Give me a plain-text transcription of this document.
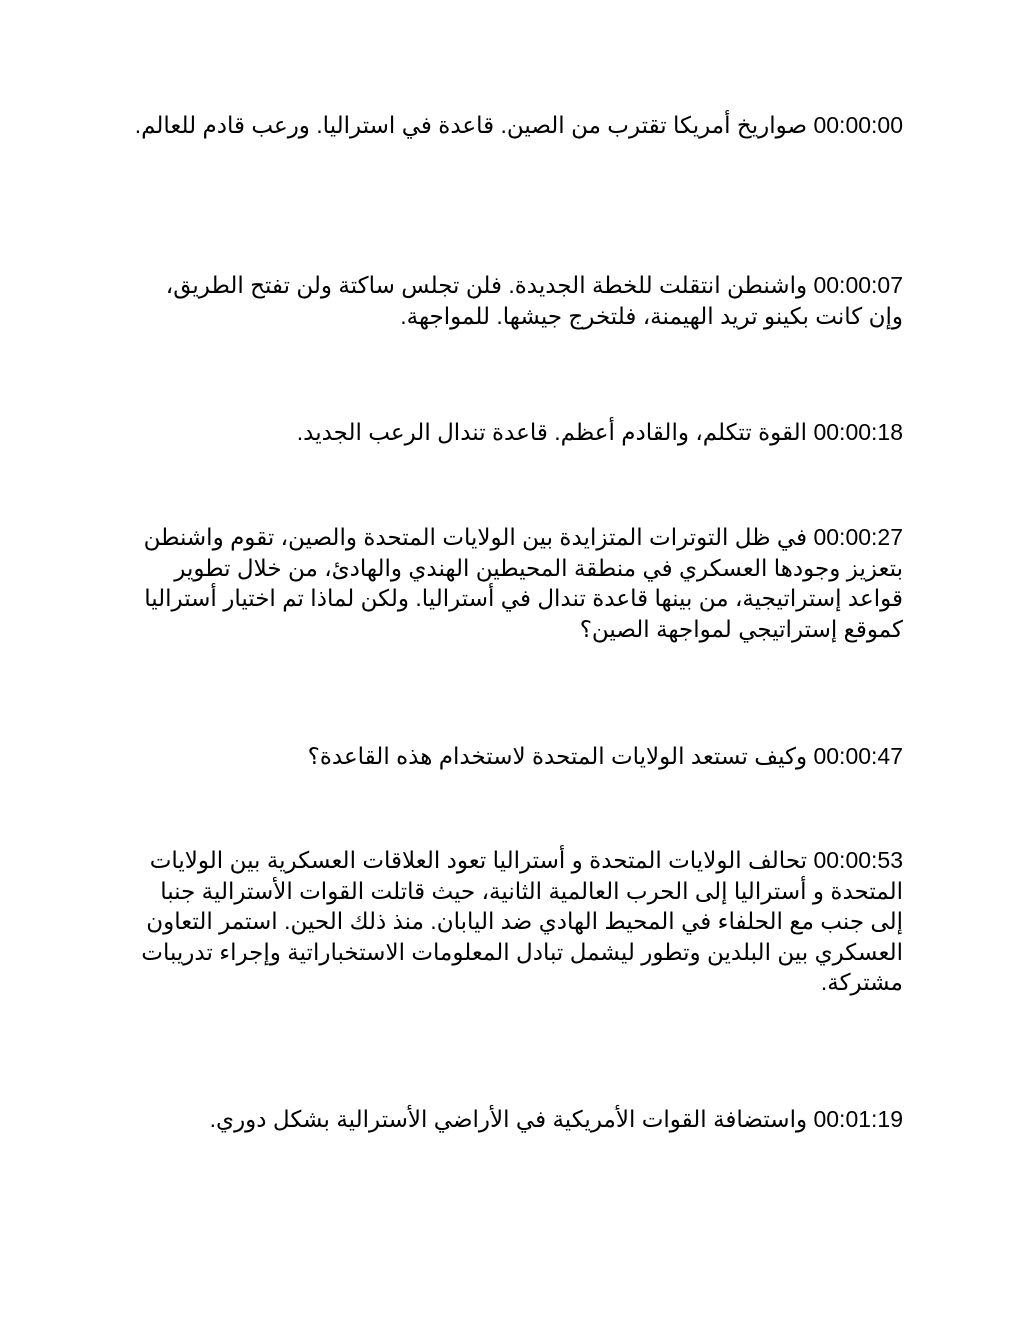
00:00:00 صواريخ أمريكا تقترب من الصين. قاعدة في استراليا. ورعب قادم للعالم.

00:00:07 واشنطن انتقلت للخطة الجديدة. فلن تجلس ساكتة ولن تفتح الطريق، وإن كانت بكينو تريد الهيمنة، فلتخرج جيشها. للمواجهة.

00:00:18 القوة تتكلم، والقادم أعظم. قاعدة تندال الرعب الجديد.

00:00:27 في ظل التوترات المتزايدة بين الولايات المتحدة والصين، تقوم واشنطن بتعزيز وجودها العسكري في منطقة المحيطين الهندي والهادئ، من خلال تطوير قواعد إستراتيجية، من بينها قاعدة تندال في أستراليا. ولكن لماذا تم اختيار أستراليا كموقع إستراتيجي لمواجهة الصين؟

00:00:47 وكيف تستعد الولايات المتحدة لاستخدام هذه القاعدة؟

00:00:53 تحالف الولايات المتحدة و أستراليا تعود العلاقات العسكرية بين الولايات المتحدة و أستراليا إلى الحرب العالمية الثانية، حيث قاتلت القوات الأسترالية جنبا إلى جنب مع الحلفاء في المحيط الهادي ضد اليابان. منذ ذلك الحين. استمر التعاون العسكري بين البلدين وتطور ليشمل تبادل المعلومات الاستخباراتية وإجراء تدريبات مشتركة.

00:01:19 واستضافة القوات الأمريكية في الأراضي الأسترالية بشكل دوري.
